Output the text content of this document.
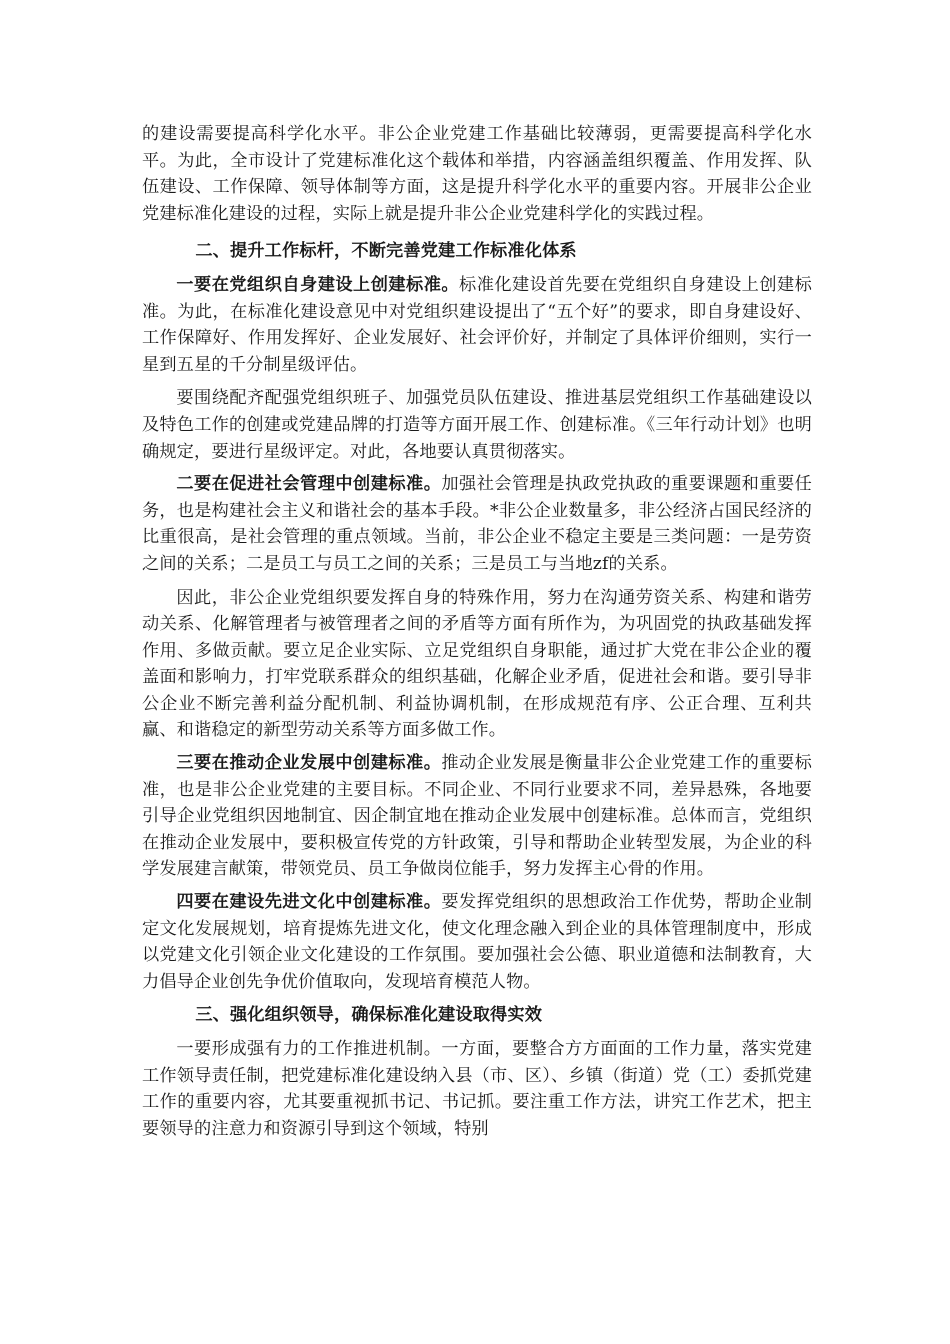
的建设需要提高科学化水平。非公企业党建工作基础比较薄弱，更需要提高科学化水平。为此，全市设计了党建标准化这个载体和举措，内容涵盖组织覆盖、作用发挥、队伍建设、工作保障、领导体制等方面，这是提升科学化水平的重要内容。开展非公企业党建标准化建设的过程，实际上就是提升非公企业党建科学化的实践过程。

二、提升工作标杆，不断完善党建工作标准化体系

一要在党组织自身建设上创建标准。标准化建设首先要在党组织自身建设上创建标准。为此，在标准化建设意见中对党组织建设提出了“五个好”的要求，即自身建设好、工作保障好、作用发挥好、企业发展好、社会评价好，并制定了具体评价细则，实行一星到五星的千分制星级评估。

要围绕配齐配强党组织班子、加强党员队伍建设、推进基层党组织工作基础建设以及特色工作的创建或党建品牌的打造等方面开展工作、创建标准。《三年行动计划》也明确规定，要进行星级评定。对此，各地要认真贯彻落实。

二要在促进社会管理中创建标准。加强社会管理是执政党执政的重要课题和重要任务，也是构建社会主义和谐社会的基本手段。*非公企业数量多，非公经济占国民经济的比重很高，是社会管理的重点领域。当前，非公企业不稳定主要是三类问题：一是劳资之间的关系；二是员工与员工之间的关系；三是员工与当地zf的关系。

因此，非公企业党组织要发挥自身的特殊作用，努力在沟通劳资关系、构建和谐劳动关系、化解管理者与被管理者之间的矛盾等方面有所作为，为巩固党的执政基础发挥作用、多做贡献。要立足企业实际、立足党组织自身职能，通过扩大党在非公企业的覆盖面和影响力，打牢党联系群众的组织基础，化解企业矛盾，促进社会和谐。要引导非公企业不断完善利益分配机制、利益协调机制，在形成规范有序、公正合理、互利共赢、和谐稳定的新型劳动关系等方面多做工作。

三要在推动企业发展中创建标准。推动企业发展是衡量非公企业党建工作的重要标准，也是非公企业党建的主要目标。不同企业、不同行业要求不同，差异悬殊，各地要引导企业党组织因地制宜、因企制宜地在推动企业发展中创建标准。总体而言，党组织在推动企业发展中，要积极宣传党的方针政策，引导和帮助企业转型发展，为企业的科学发展建言献策，带领党员、员工争做岗位能手，努力发挥主心骨的作用。

四要在建设先进文化中创建标准。要发挥党组织的思想政治工作优势，帮助企业制定文化发展规划，培育提炼先进文化，使文化理念融入到企业的具体管理制度中，形成以党建文化引领企业文化建设的工作氛围。要加强社会公德、职业道德和法制教育，大力倡导企业创先争优价值取向，发现培育模范人物。

三、强化组织领导，确保标准化建设取得实效

一要形成强有力的工作推进机制。一方面，要整合方方面面的工作力量，落实党建工作领导责任制，把党建标准化建设纳入县（市、区）、乡镇（街道）党（工）委抓党建工作的重要内容，尤其要重视抓书记、书记抓。要注重工作方法，讲究工作艺术，把主要领导的注意力和资源引导到这个领域，特别
